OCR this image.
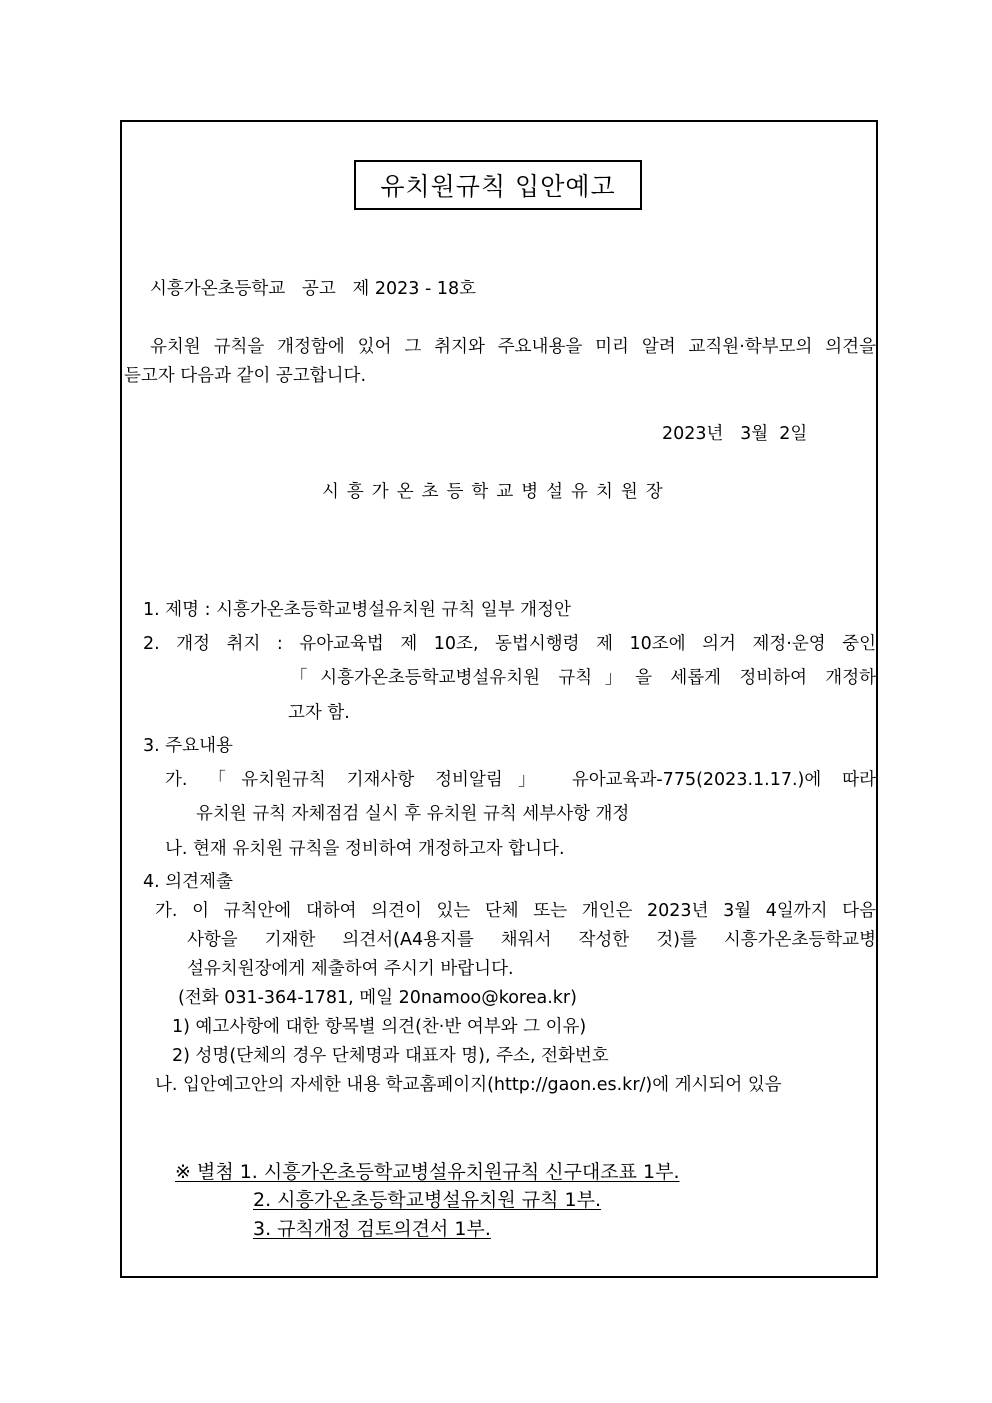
유치원규칙 입안예고
시흥가온초등학교   공고   제 2023 - 18호
유치원 규칙을 개정함에 있어 그 취지와 주요내용을 미리 알려 교직원·학부모의 의견을
듣고자 다음과 같이 공고합니다.
2023년   3월  2일
시흥가온초등학교병설유치원장
1. 제명 : 시흥가온초등학교병설유치원 규칙 일부 개정안
2. 개정 취지 : 유아교육법 제 10조, 동법시행령 제 10조에 의거 제정·운영 중인
「시흥가온초등학교병설유치원 규칙」을 세롭게 정비하여 개정하
고자 함.
3. 주요내용
가. 「유치원규칙 기재사항 정비알림」 유아교육과-775(2023.1.17.)에 따라
유치원 규칙 자체점검 실시 후 유치원 규칙 세부사항 개정
나. 현재 유치원 규칙을 정비하여 개정하고자 합니다.
4. 의견제출
가. 이 규칙안에 대하여 의견이 있는 단체 또는 개인은 2023년 3월 4일까지 다음
사항을 기재한 의견서(A4용지를 채워서 작성한 것)를 시흥가온초등학교병
설유치원장에게 제출하여 주시기 바랍니다.
(전화 031-364-1781, 메일 20namoo@korea.kr)
1) 예고사항에 대한 항목별 의견(찬·반 여부와 그 이유)
2) 성명(단체의 경우 단체명과 대표자 명), 주소, 전화번호
나. 입안예고안의 자세한 내용 학교홈페이지(http://gaon.es.kr/)에 게시되어 있음
※ 별첨 1. 시흥가온초등학교병설유치원규칙 신구대조표 1부.
2. 시흥가온초등학교병설유치원 규칙 1부.
3. 규칙개정 검토의견서 1부.
